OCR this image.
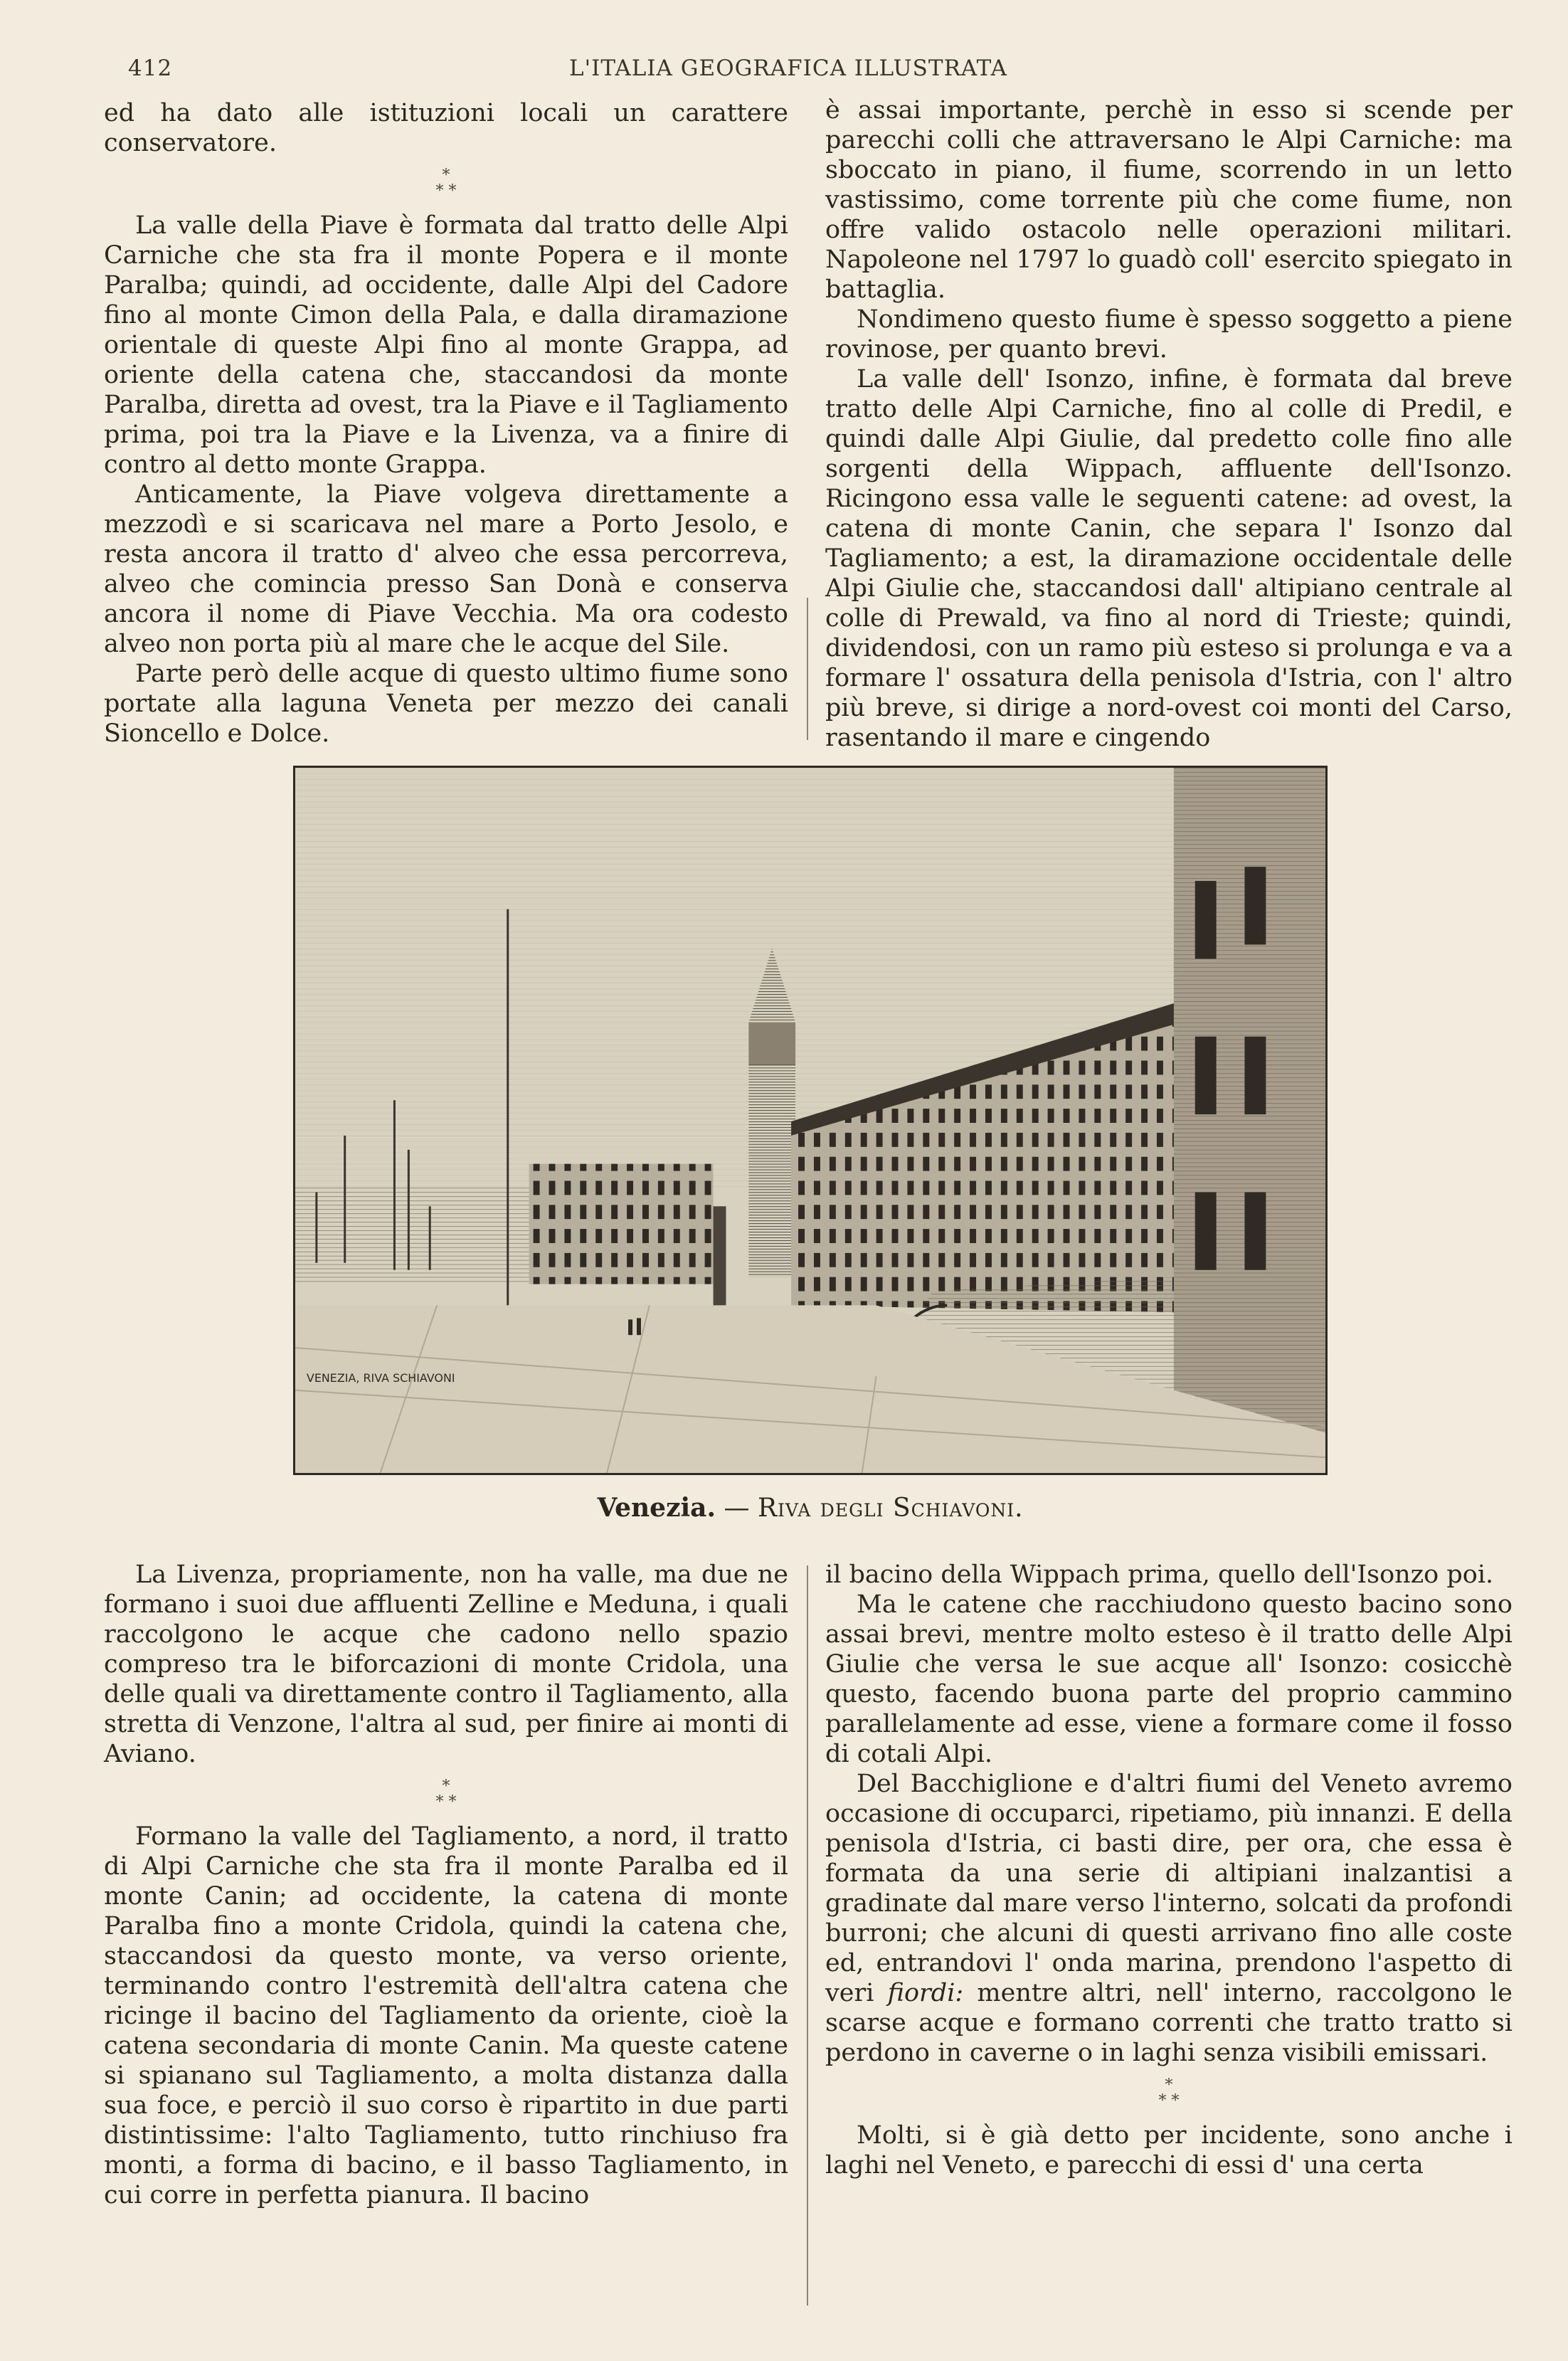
412	L'ITALIA GEOGRAFICA ILLUSTRATA

ed ha dato alle istituzioni locali un carattere conservatore.

*
* *

La valle della Piave è formata dal tratto delle Alpi Carniche che sta fra il monte Popera e il monte Paralba; quindi, ad occidente, dalle Alpi del Cadore fino al monte Cimon della Pala, e dalla diramazione orientale di queste Alpi fino al monte Grappa, ad oriente della catena che, staccandosi da monte Paralba, diretta ad ovest, tra la Piave e il Tagliamento prima, poi tra la Piave e la Livenza, va a finire di contro al detto monte Grappa.

Anticamente, la Piave volgeva direttamente a mezzodì e si scaricava nel mare a Porto Jesolo, e resta ancora il tratto d' alveo che essa percorreva, alveo che comincia presso San Donà e conserva ancora il nome di Piave Vecchia. Ma ora codesto alveo non porta più al mare che le acque del Sile.

Parte però delle acque di questo ultimo fiume sono portate alla laguna Veneta per mezzo dei canali Sioncello e Dolce.

è assai importante, perchè in esso si scende per parecchi colli che attraversano le Alpi Carniche: ma sboccato in piano, il fiume, scorrendo in un letto vastissimo, come torrente più che come fiume, non offre valido ostacolo nelle operazioni militari. Napoleone nel 1797 lo guadò coll' esercito spiegato in battaglia.

Nondimeno questo fiume è spesso soggetto a piene rovinose, per quanto brevi.

La valle dell' Isonzo, infine, è formata dal breve tratto delle Alpi Carniche, fino al colle di Predil, e quindi dalle Alpi Giulie, dal predetto colle fino alle sorgenti della Wippach, affluente dell'Isonzo. Ricingono essa valle le seguenti catene: ad ovest, la catena di monte Canin, che separa l' Isonzo dal Tagliamento; a est, la diramazione occidentale delle Alpi Giulie che, staccandosi dall' altipiano centrale al colle di Prewald, va fino al nord di Trieste; quindi, dividendosi, con un ramo più esteso si prolunga e va a formare l' ossatura della penisola d'Istria, con l' altro più breve, si dirige a nord-ovest coi monti del Carso, rasentando il mare e cingendo

VENEZIA, RIVA SCHIAVONI
Venezia. — Riva degli Schiavoni.

La Livenza, propriamente, non ha valle, ma due ne formano i suoi due affluenti Zelline e Meduna, i quali raccolgono le acque che cadono nello spazio compreso tra le biforcazioni di monte Cridola, una delle quali va direttamente contro il Tagliamento, alla stretta di Venzone, l'altra al sud, per finire ai monti di Aviano.

*
* *

Formano la valle del Tagliamento, a nord, il tratto di Alpi Carniche che sta fra il monte Paralba ed il monte Canin; ad occidente, la catena di monte Paralba fino a monte Cridola, quindi la catena che, staccandosi da questo monte, va verso oriente, terminando contro l'estremità dell'altra catena che ricinge il bacino del Tagliamento da oriente, cioè la catena secondaria di monte Canin. Ma queste catene si spianano sul Tagliamento, a molta distanza dalla sua foce, e perciò il suo corso è ripartito in due parti distintissime: l'alto Tagliamento, tutto rinchiuso fra monti, a forma di bacino, e il basso Tagliamento, in cui corre in perfetta pianura. Il bacino

il bacino della Wippach prima, quello dell'Isonzo poi.

Ma le catene che racchiudono questo bacino sono assai brevi, mentre molto esteso è il tratto delle Alpi Giulie che versa le sue acque all' Isonzo: cosicchè questo, facendo buona parte del proprio cammino parallelamente ad esse, viene a formare come il fosso di cotali Alpi.

Del Bacchiglione e d'altri fiumi del Veneto avremo occasione di occuparci, ripetiamo, più innanzi. E della penisola d'Istria, ci basti dire, per ora, che essa è formata da una serie di altipiani inalzantisi a gradinate dal mare verso l'interno, solcati da profondi burroni; che alcuni di questi arrivano fino alle coste ed, entrandovi l' onda marina, prendono l'aspetto di veri fiordi: mentre altri, nell' interno, raccolgono le scarse acque e formano correnti che tratto tratto si perdono in caverne o in laghi senza visibili emissari.

*
* *

Molti, si è già detto per incidente, sono anche i laghi nel Veneto, e parecchi di essi d' una certa
